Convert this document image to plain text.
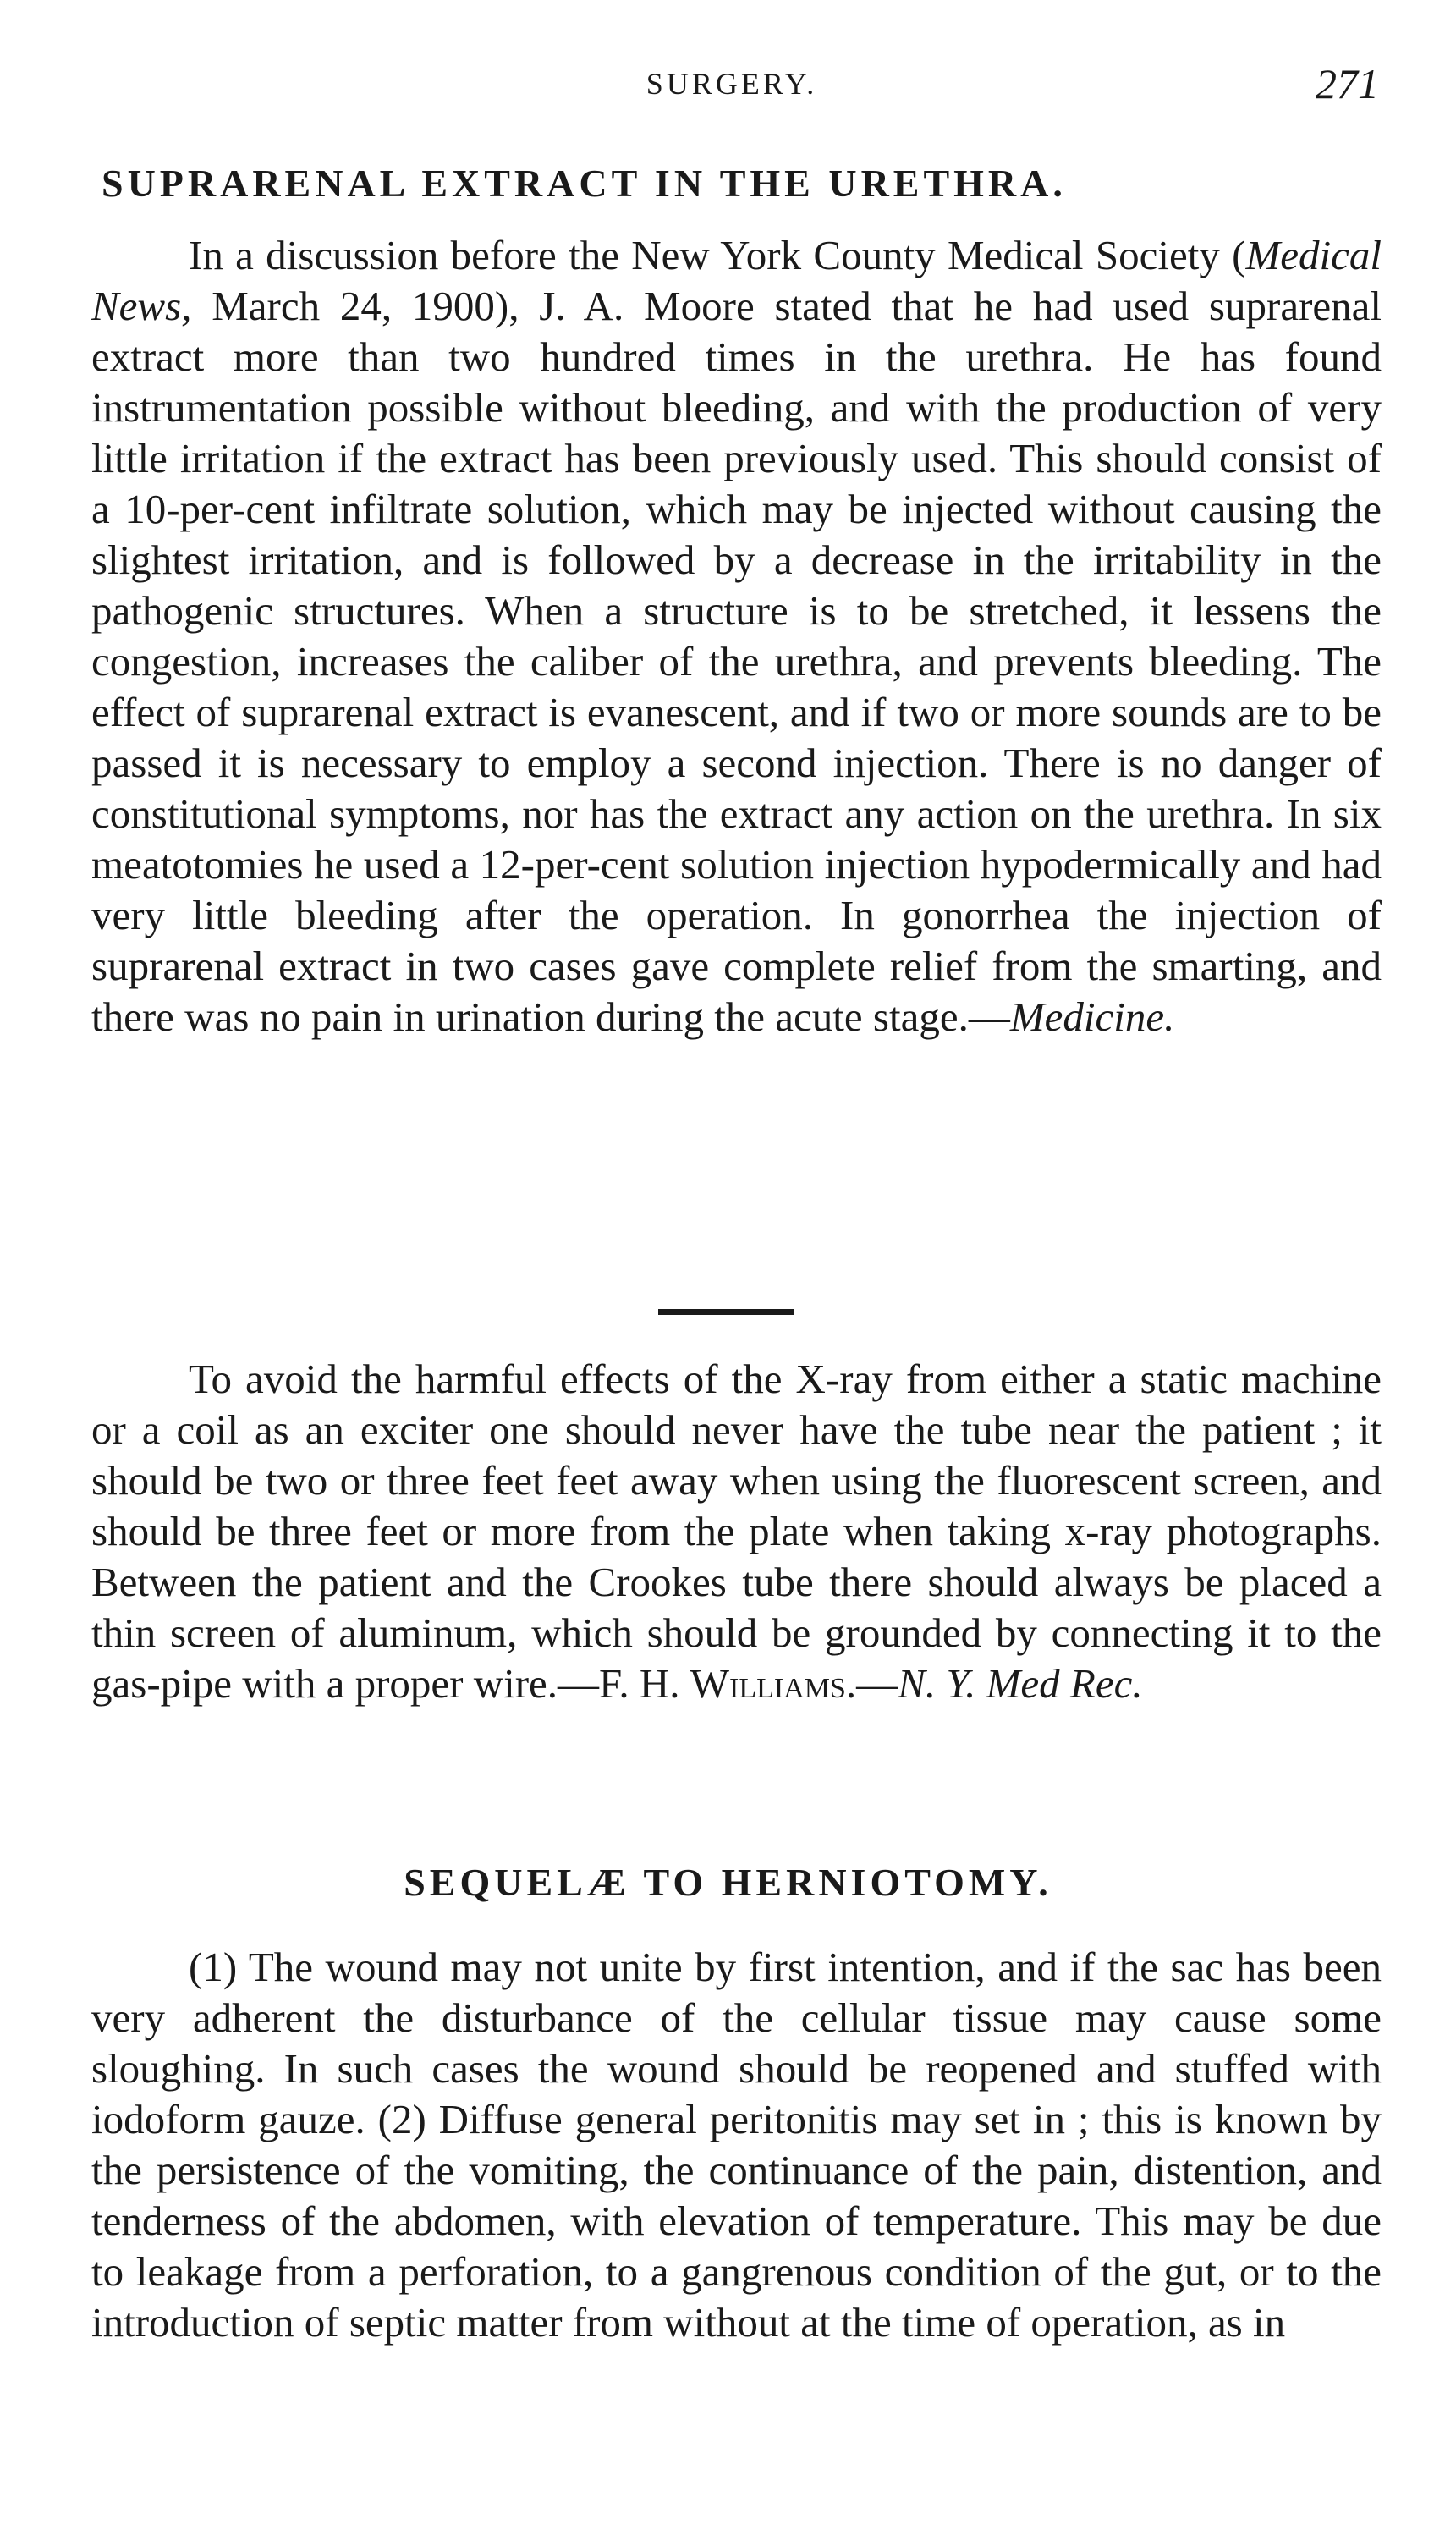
SURGERY.	271
SUPRARENAL EXTRACT IN THE URETHRA.

In a discussion before the New York County Medical Society (Medical News, March 24, 1900), J. A. Moore stated that he had used suprarenal extract more than two hundred times in the urethra. He has found instrumentation possible without bleeding, and with the production of very little irritation if the extract has been previously used. This should consist of a 10-per-cent infiltrate solution, which may be injected without causing the slightest irritation, and is followed by a decrease in the irritability in the pathogenic structures. When a structure is to be stretched, it lessens the congestion, increases the caliber of the urethra, and prevents bleeding. The effect of suprarenal extract is evanescent, and if two or more sounds are to be passed it is necessary to employ a second injection. There is no danger of constitutional symptoms, nor has the extract any action on the urethra. In six meatotomies he used a 12-per-cent solution injection hypodermically and had very little bleeding after the operation. In gonorrhea the injection of suprarenal extract in two cases gave complete relief from the smarting, and there was no pain in urination during the acute stage.—Medicine.

To avoid the harmful effects of the X-ray from either a static machine or a coil as an exciter one should never have the tube near the patient ; it should be two or three feet feet away when using the fluorescent screen, and should be three feet or more from the plate when taking x-ray photographs. Between the patient and the Crookes tube there should always be placed a thin screen of aluminum, which should be grounded by connecting it to the gas-pipe with a proper wire.—F. H. Williams.—N. Y. Med Rec.

SEQUELÆ TO HERNIOTOMY.

(1) The wound may not unite by first intention, and if the sac has been very adherent the disturbance of the cellular tissue may cause some sloughing. In such cases the wound should be reopened and stuffed with iodoform gauze. (2) Diffuse general peritonitis may set in ; this is known by the persistence of the vomiting, the continuance of the pain, distention, and tenderness of the abdomen, with elevation of temperature. This may be due to leakage from a perforation, to a gangrenous condition of the gut, or to the introduction of septic matter from without at the time of operation, as in
